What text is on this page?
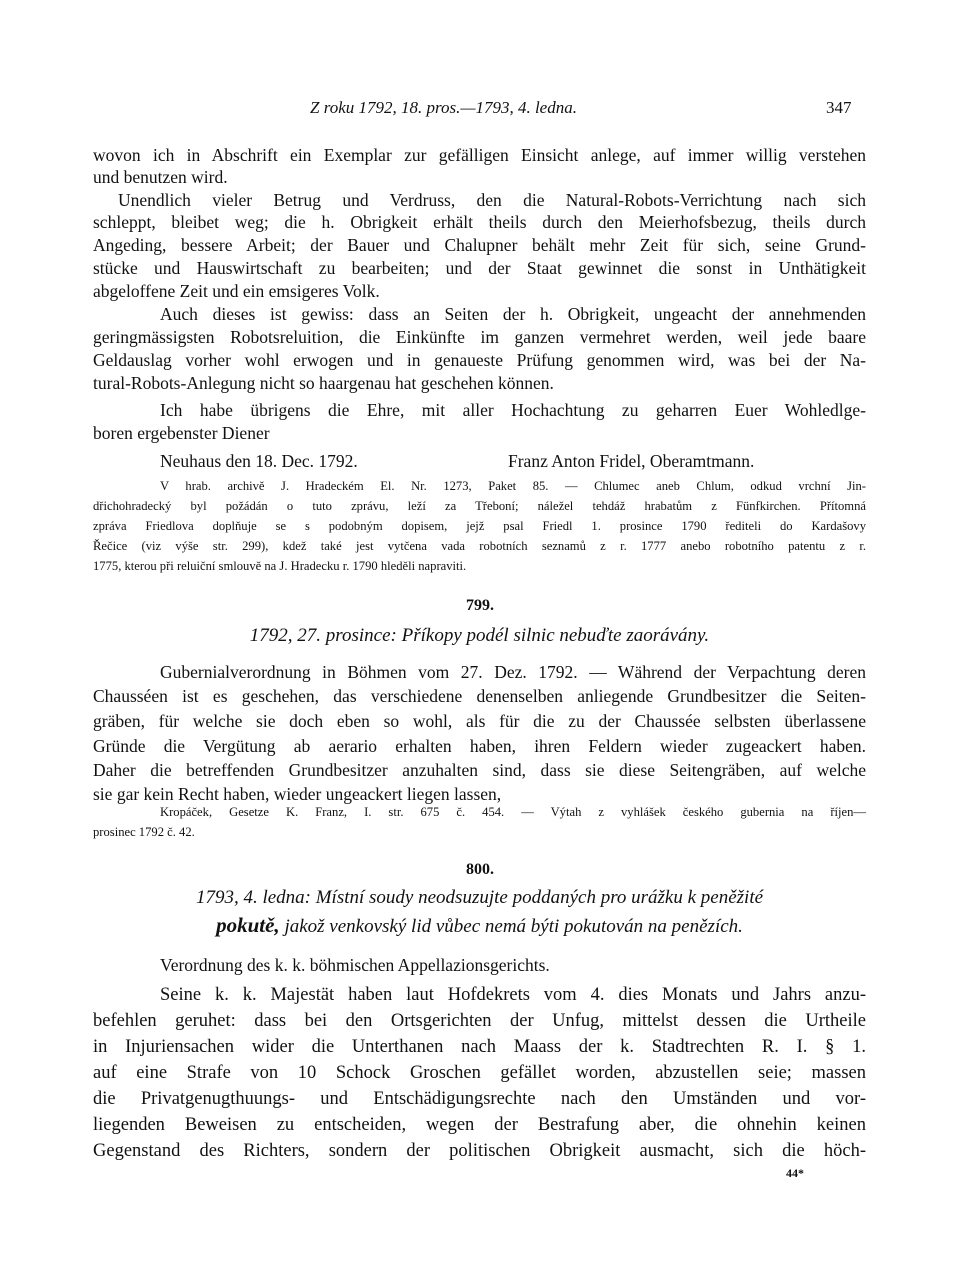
Z roku 1792, 18. pros.—1793, 4. ledna.	347

wovon ich in Abschrift ein Exemplar zur gefälligen Einsicht anlege, auf immer willig verstehen

und benutzen wird.

Unendlich vieler Betrug und Verdruss, den die Natural-Robots-Verrichtung nach sich

schleppt, bleibet weg; die h. Obrigkeit erhält theils durch den Meierhofsbezug, theils durch

Angeding, bessere Arbeit; der Bauer und Chalupner behält mehr Zeit für sich, seine Grund-

stücke und Hauswirtschaft zu bearbeiten; und der Staat gewinnet die sonst in Unthätigkeit

abgeloffene Zeit und ein emsigeres Volk.

Auch dieses ist gewiss: dass an Seiten der h. Obrigkeit, ungeacht der annehmenden

geringmässigsten Robotsreluition, die Einkünfte im ganzen vermehret werden, weil jede baare

Geldauslag vorher wohl erwogen und in genaueste Prüfung genommen wird, was bei der Na-

tural-Robots-Anlegung nicht so haargenau hat geschehen können.

Ich habe übrigens die Ehre, mit aller Hochachtung zu geharren Euer Wohledlge-

boren ergebenster Diener

Neuhaus den 18. Dec. 1792.	Franz Anton Fridel, Oberamtmann.

V hrab. archivě J. Hradeckém El. Nr. 1273, Paket 85. — Chlumec aneb Chlum, odkud vrchní Jin-

dřichohradecký byl požádán o tuto zprávu, leží za Třeboní; náležel tehdáž hrabatům z Fünfkirchen. Přítomná

zpráva Friedlova doplňuje se s podobným dopisem, jejž psal Friedl 1. prosince 1790 řediteli do Kardašovy

Řečice (viz výše str. 299), kdež také jest vytčena vada robotních seznamů z r. 1777 anebo robotního patentu z r.

1775, kterou při reluiční smlouvě na J. Hradecku r. 1790 hleděli napraviti.

799.
1792, 27. prosince: Příkopy podél silnic nebuďte zaorávány.

Gubernialverordnung in Böhmen vom 27. Dez. 1792. — Während der Verpachtung deren

Chausséen ist es geschehen, das verschiedene denenselben anliegende Grundbesitzer die Seiten-

gräben, für welche sie doch eben so wohl, als für die zu der Chaussée selbsten überlassene

Gründe die Vergütung ab aerario erhalten haben, ihren Feldern wieder zugeackert haben.

Daher die betreffenden Grundbesitzer anzuhalten sind, dass sie diese Seitengräben, auf welche

sie gar kein Recht haben, wieder ungeackert liegen lassen,

Kropáček, Gesetze K. Franz, I. str. 675 č. 454. — Výtah z vyhlášek českého gubernia na říjen—

prosinec 1792 č. 42.

800.
1793, 4. ledna: Místní soudy neodsuzujte poddaných pro urážku k peněžité
pokutě, jakož venkovský lid vůbec nemá býti pokutován na penězích.

Verordnung des k. k. böhmischen Appellazionsgerichts.

Seine k. k. Majestät haben laut Hofdekrets vom 4. dies Monats und Jahrs anzu-

befehlen geruhet: dass bei den Ortsgerichten der Unfug, mittelst dessen die Urtheile

in Injuriensachen wider die Unterthanen nach Maass der k. Stadtrechten R. I. § 1.

auf eine Strafe von 10 Schock Groschen gefället worden, abzustellen seie; massen

die Privatgenugthuungs- und Entschädigungsrechte nach den Umständen und vor-

liegenden Beweisen zu entscheiden, wegen der Bestrafung aber, die ohnehin keinen

Gegenstand des Richters, sondern der politischen Obrigkeit ausmacht, sich die höch-

44*
